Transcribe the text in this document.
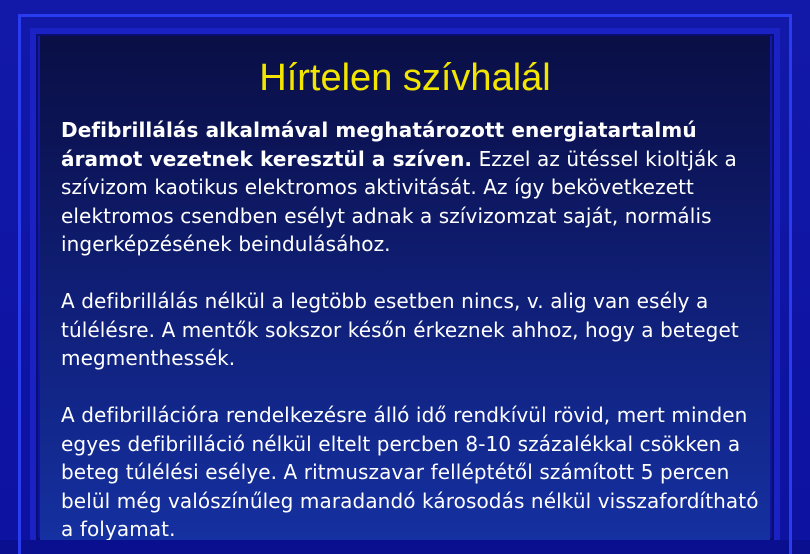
Hírtelen szívhalál

Defibrillálás alkalmával meghatározott energiatartalmú áramot vezetnek keresztül a szíven. Ezzel az ütéssel kioltják a szívizom kaotikus elektromos aktivitását. Az így bekövetkezett elektromos csendben esélyt adnak a szívizomzat saját, normális ingerképzésének beindulásához.

A defibrillálás nélkül a legtöbb esetben nincs, v. alig van esély a túlélésre. A mentők sokszor későn érkeznek ahhoz, hogy a beteget megmenthessék.

A defibrillációra rendelkezésre álló idő rendkívül rövid, mert minden egyes defibrilláció nélkül eltelt percben 8-10 százalékkal csökken a beteg túlélési esélye. A ritmuszavar felléptétől számított 5 percen belül még valószínűleg maradandó károsodás nélkül visszafordítható a folyamat.
